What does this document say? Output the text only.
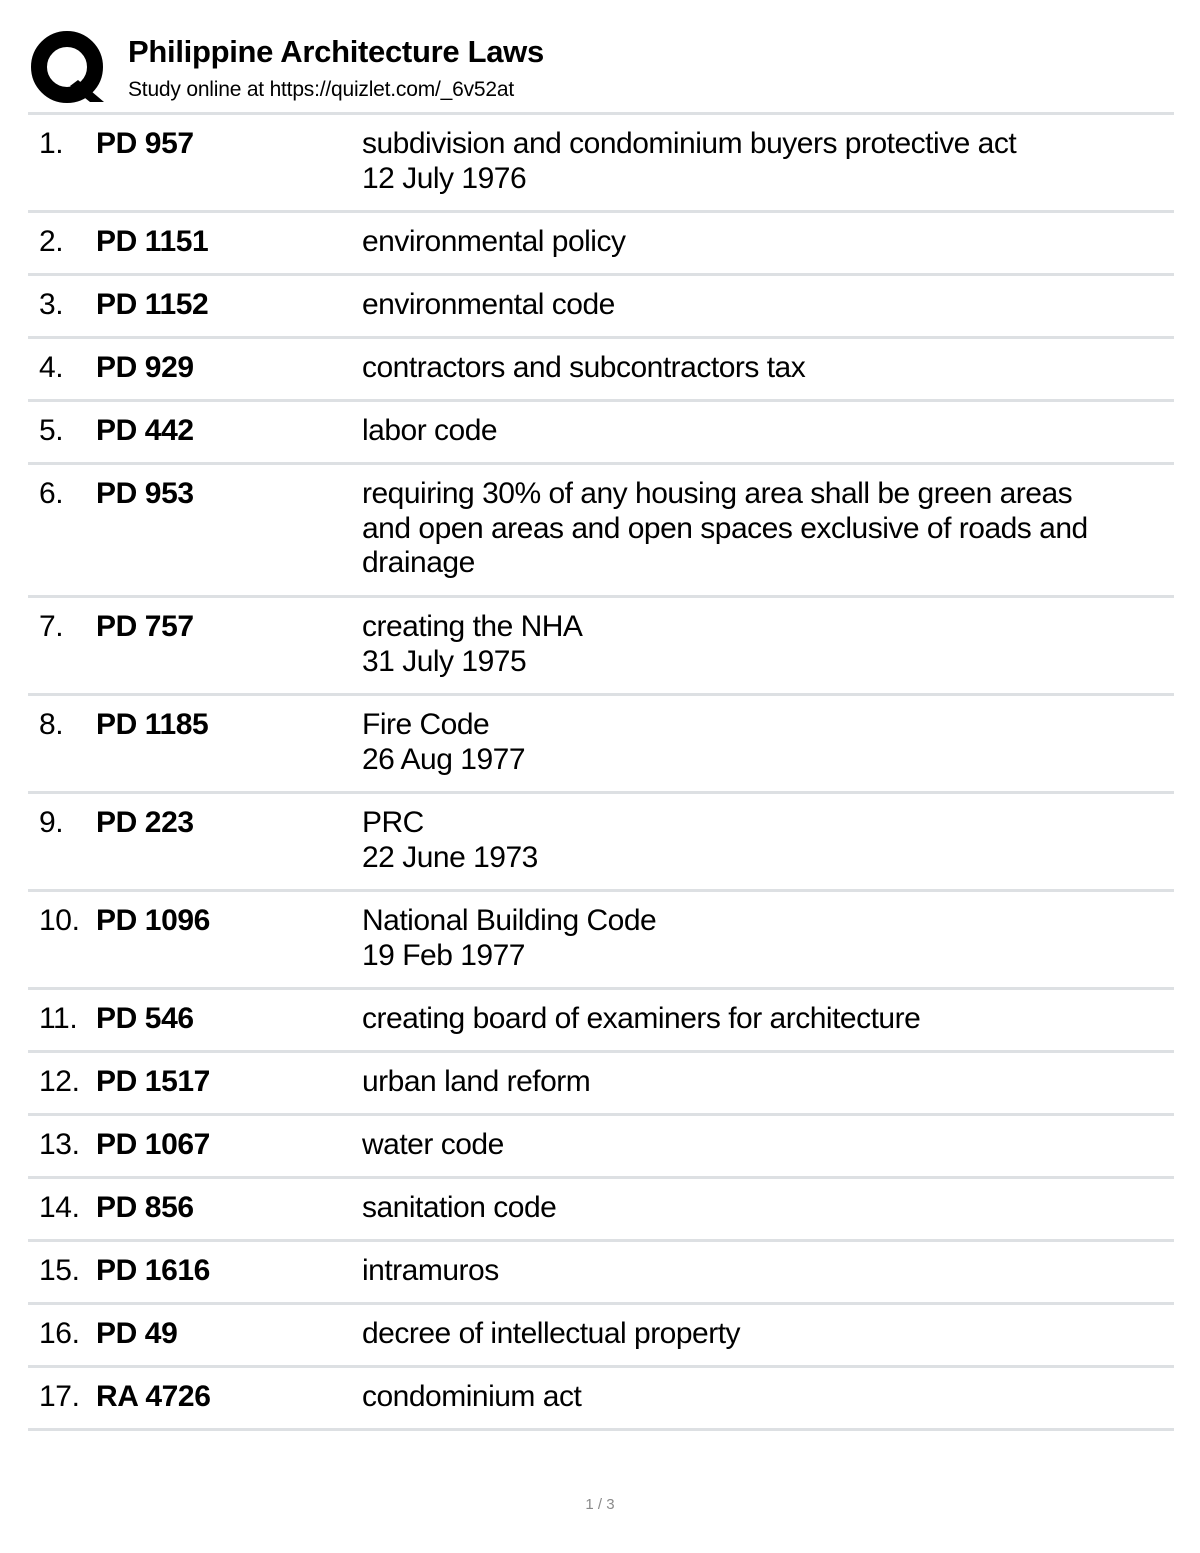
Philippine Architecture Laws
Study online at https://quizlet.com/_6v52at
1. PD 957	subdivision and condominium buyers protective act
12 July 1976
2. PD 1151	environmental policy
3. PD 1152	environmental code
4. PD 929	contractors and subcontractors tax
5. PD 442	labor code
6. PD 953	requiring 30% of any housing area shall be green areas
and open areas and open spaces exclusive of roads and
drainage
7. PD 757	creating the NHA
31 July 1975
8. PD 1185	Fire Code
26 Aug 1977
9. PD 223	PRC
22 June 1973
10. PD 1096	National Building Code
19 Feb 1977
11. PD 546	creating board of examiners for architecture
12. PD 1517	urban land reform
13. PD 1067	water code
14. PD 856	sanitation code
15. PD 1616	intramuros
16. PD 49	decree of intellectual property
17. RA 4726	condominium act
1 / 3
